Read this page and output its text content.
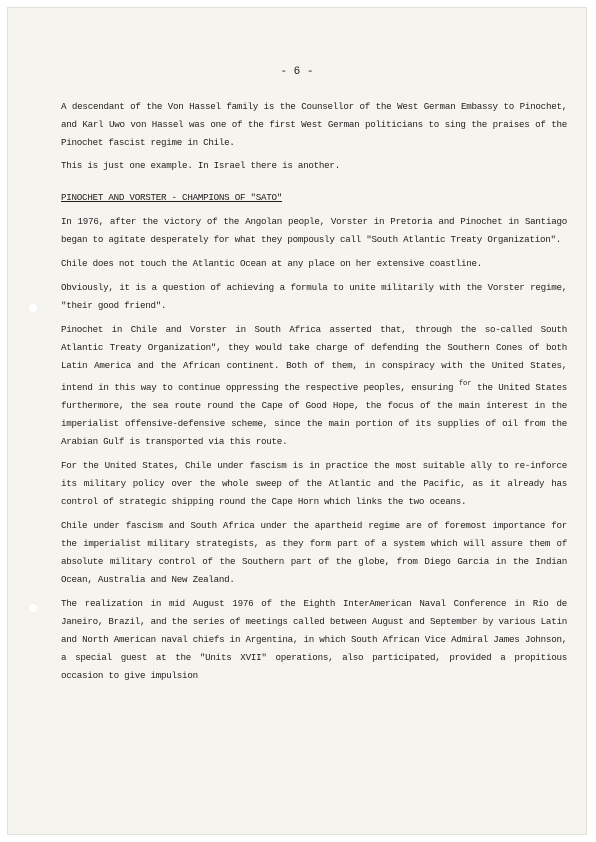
- 6 -

A descendant of the Von Hassel family is the Counsellor of the West German Embassy to Pinochet, and Karl Uwo von Hassel was one of the first West German politicians to sing the praises of the Pinochet fascist regime in Chile.

This is just one example. In Israel there is another.

PINOCHET AND VORSTER - CHAMPIONS OF "SATO"

In 1976, after the victory of the Angolan people, Vorster in Pretoria and Pinochet in Santiago began to agitate desperately for what they pompously call "South Atlantic Treaty Organization".

Chile does not touch the Atlantic Ocean at any place on her extensive coastline.

Obviously, it is a question of achieving a formula to unite militarily with the Vorster regime, "their good friend".

Pinochet in Chile and Vorster in South Africa asserted that, through the so-called South Atlantic Treaty Organization", they would take charge of defending the Southern Cones of both Latin America and the African continent. Both of them, in conspiracy with the United States, intend in this way to continue oppressing the respective peoples, ensuring $^{for}$ the United States furthermore, the sea route round the Cape of Good Hope, the focus of the main interest in the imperialist offensive-defensive scheme, since the main portion of its supplies of oil from the Arabian Gulf is transported via this route.

For the United States, Chile under fascism is in practice the most suitable ally to re-inforce its military policy over the whole sweep of the Atlantic and the Pacific, as it already has control of strategic shipping round the Cape Horn which links the two oceans.

Chile under fascism and South Africa under the apartheid regime are of foremost importance for the imperialist military strategists, as they form part of a system which will assure them of absolute military control of the Southern part of the globe, from Diego Garcia in the Indian Ocean, Australia and New Zealand.

The realization in mid August 1976 of the Eighth InterAmerican Naval Conference in Rio de Janeiro, Brazil, and the series of meetings called between August and September by various Latin and North American naval chiefs in Argentina, in which South African Vice Admiral James Johnson, a special guest at the "Units XVII" operations, also participated, provided a propitious occasion to give impulsion
